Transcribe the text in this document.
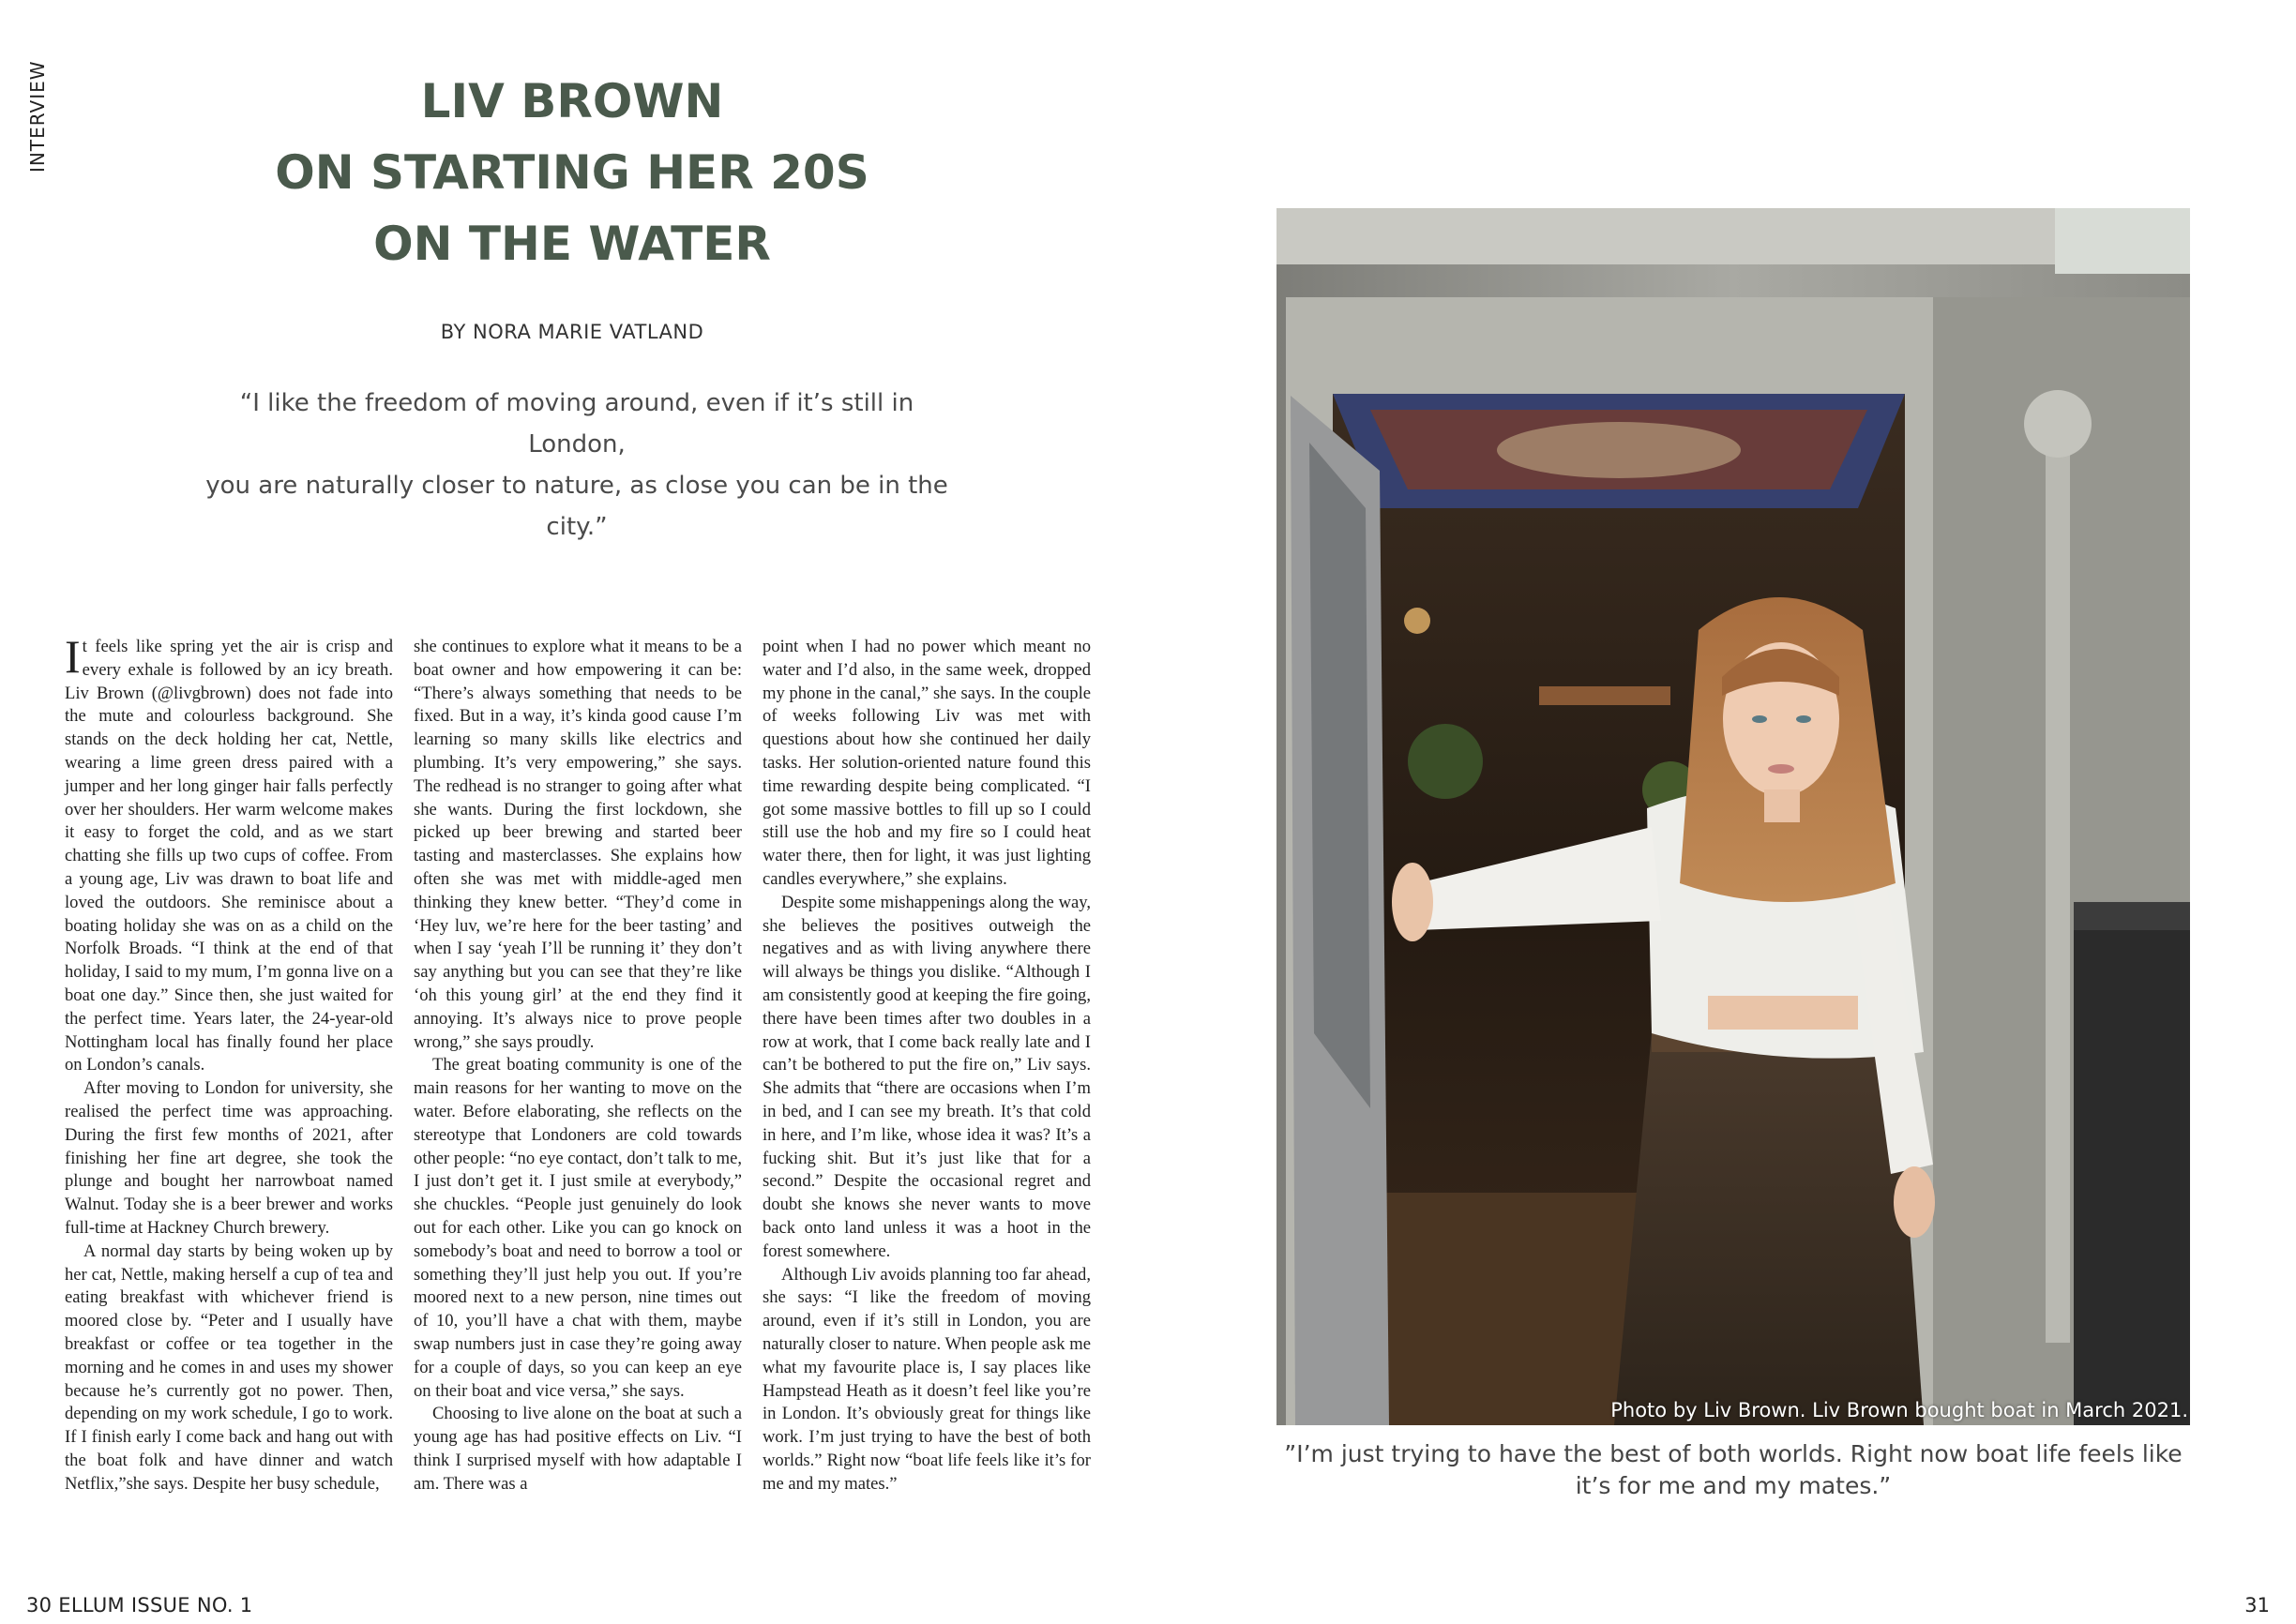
INTERVIEW	LIV BROWN
ON STARTING HER 20S
ON THE WATER
BY NORA MARIE VATLAND
“I like the freedom of moving around, even if it’s still in London,
you are naturally closer to nature, as close you can be in the city.”

It feels like spring yet the air is crisp and every exhale is followed by an icy breath. Liv Brown (@livgbrown) does not fade into the mute and colourless background. She stands on the deck holding her cat, Nettle, wearing a lime green dress paired with a jumper and her long ginger hair falls perfectly over her shoulders. Her warm welcome makes it easy to forget the cold, and as we start chatting she fills up two cups of coffee. From a young age, Liv was drawn to boat life and loved the outdoors. She reminisce about a boating holiday she was on as a child on the Norfolk Broads. “I think at the end of that holiday, I said to my mum, I’m gonna live on a boat one day.” Since then, she just waited for the perfect time. Years later, the 24-year-old Nottingham local has finally found her place on London’s canals.

After moving to London for university, she realised the perfect time was approaching. During the first few months of 2021, after finishing her fine art degree, she took the plunge and bought her narrowboat named Walnut. Today she is a beer brewer and works full-time at Hackney Church brewery.

A normal day starts by being woken up by her cat, Nettle, making herself a cup of tea and eating breakfast with whichever friend is moored close by. “Peter and I usually have breakfast or coffee or tea together in the morning and he comes in and uses my shower because he’s currently got no power. Then, depending on my work schedule, I go to work. If I finish early I come back and hang out with the boat folk and have dinner and watch Netflix,”she says. Despite her busy schedule,

she continues to explore what it means to be a boat owner and how empowering it can be: “There’s always something that needs to be fixed. But in a way, it’s kinda good cause I’m learning so many skills like electrics and plumbing. It’s very empowering,” she says. The redhead is no stranger to going after what she wants. During the first lockdown, she picked up beer brewing and started beer tasting and masterclasses. She explains how often she was met with middle-aged men thinking they knew better. “They’d come in ‘Hey luv, we’re here for the beer tasting’ and when I say ‘yeah I’ll be running it’ they don’t say anything but you can see that they’re like ‘oh this young girl’ at the end they find it annoying. It’s always nice to prove people wrong,” she says proudly.

The great boating community is one of the main reasons for her wanting to move on the water. Before elaborating, she reflects on the stereotype that Londoners are cold towards other people: “no eye contact, don’t talk to me, I just don’t get it. I just smile at everybody,” she chuckles. “People just genuinely do look out for each other. Like you can go knock on somebody’s boat and need to borrow a tool or something they’ll just help you out. If you’re moored next to a new person, nine times out of 10, you’ll have a chat with them, maybe swap numbers just in case they’re going away for a couple of days, so you can keep an eye on their boat and vice versa,” she says.

Choosing to live alone on the boat at such a young age has had positive effects on Liv. “I think I surprised myself with how adaptable I am. There was a

point when I had no power which meant no water and I’d also, in the same week, dropped my phone in the canal,” she says. In the couple of weeks following Liv was met with questions about how she continued her daily tasks. Her solution-oriented nature found this time rewarding despite being complicated. “I got some massive bottles to fill up so I could still use the hob and my fire so I could heat water there, then for light, it was just lighting candles everywhere,” she explains.

Despite some mishappenings along the way, she believes the positives outweigh the negatives and as with living anywhere there will always be things you dislike. “Although I am consistently good at keeping the fire going, there have been times after two doubles in a row at work, that I come back really late and I can’t be bothered to put the fire on,” Liv says. She admits that “there are occasions when I’m in bed, and I can see my breath. It’s that cold in here, and I’m like, whose idea it was? It’s a fucking shit. But it’s just like that for a second.” Despite the occasional regret and doubt she knows she never wants to move back onto land unless it was a hoot in the forest somewhere.

Although Liv avoids planning too far ahead, she says: “I like the freedom of moving around, even if it’s still in London, you are naturally closer to nature. When people ask me what my favourite place is, I say places like Hampstead Heath as it doesn’t feel like you’re in London. It’s obviously great for things like work. I’m just trying to have the best of both worlds.” Right now “boat life feels like it’s for me and my mates.”

Photo by Liv Brown. Liv Brown bought boat in March 2021.
”I’m just trying to have the best of both worlds. Right now boat life feels like
it’s for me and my mates.”
30 ELLUM ISSUE NO. 1	31
